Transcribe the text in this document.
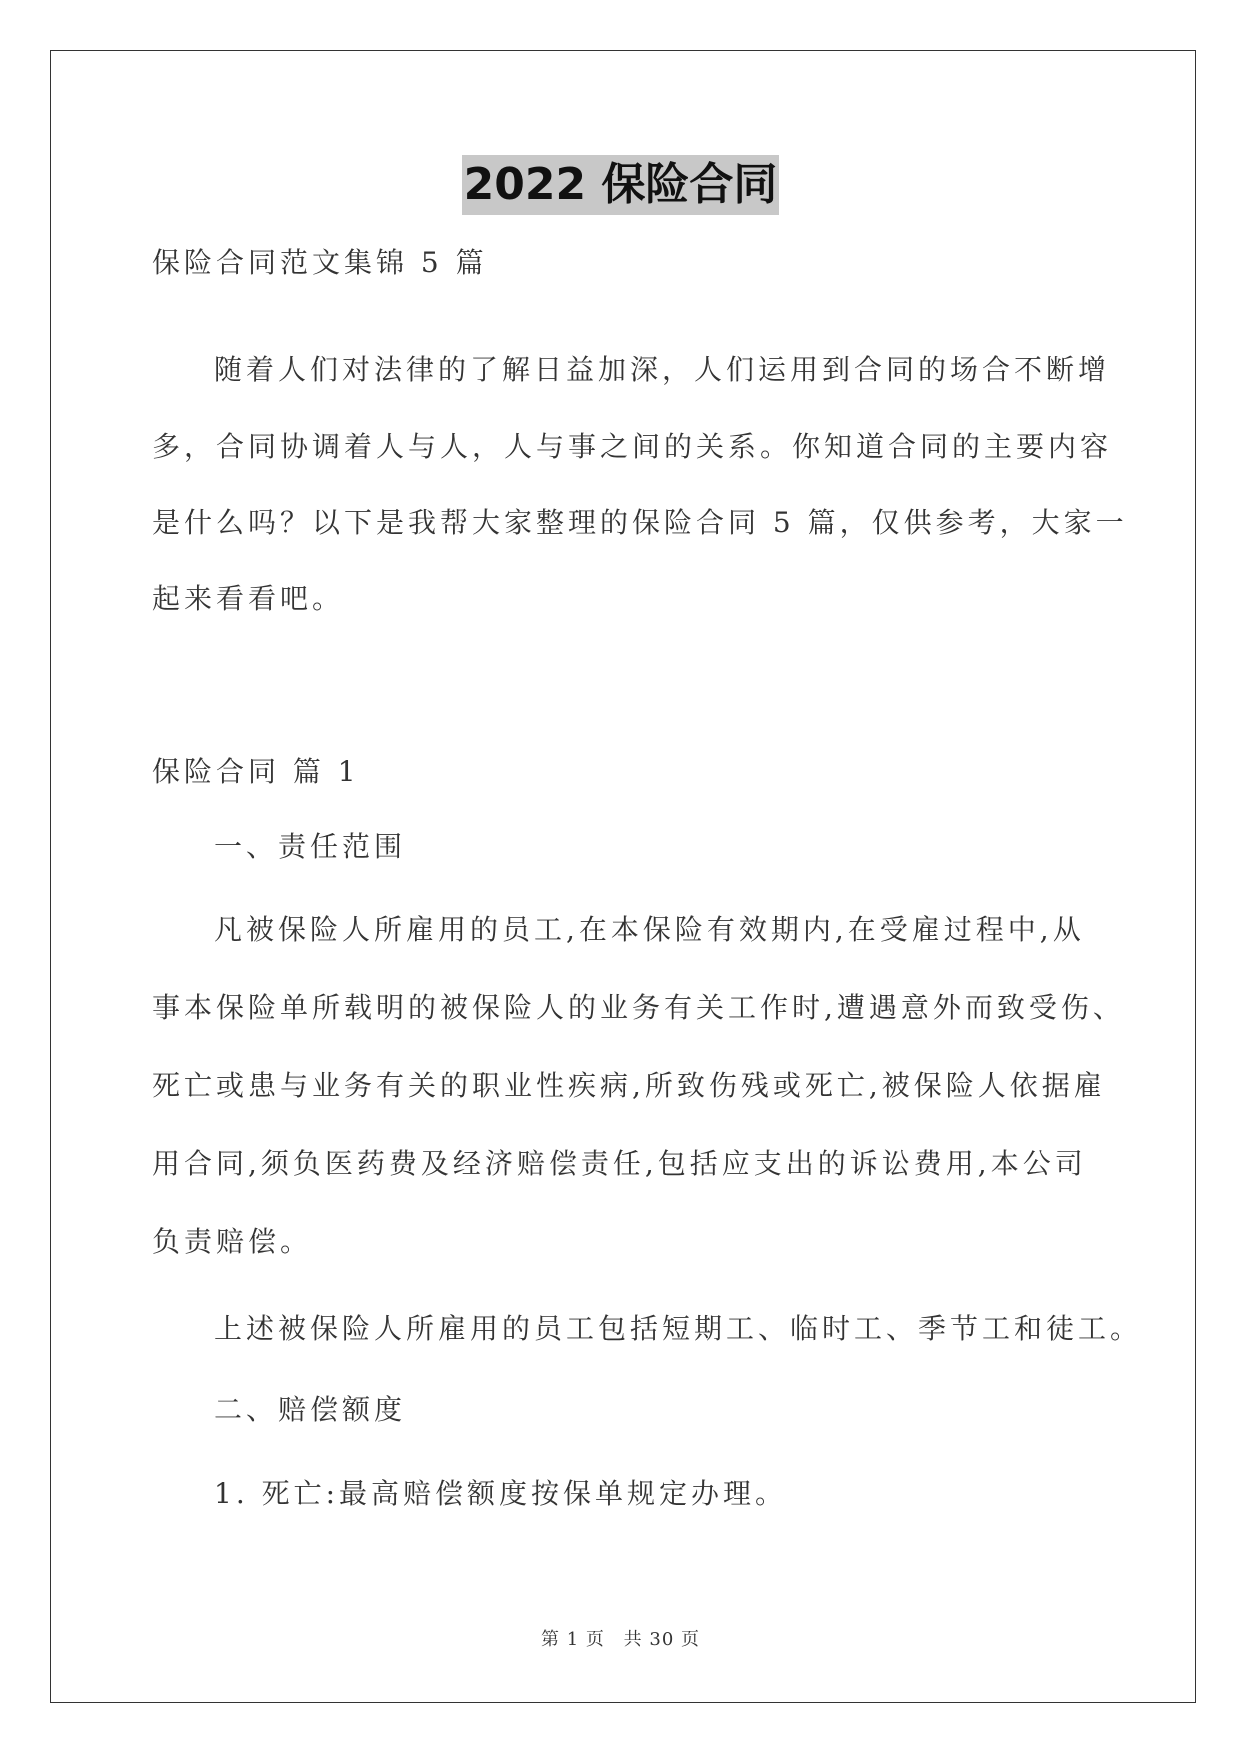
2022 保险合同
保险合同范文集锦 5 篇
随着人们对法律的了解日益加深，人们运用到合同的场合不断增
多，合同协调着人与人，人与事之间的关系。你知道合同的主要内容
是什么吗？以下是我帮大家整理的保险合同 5 篇，仅供参考，大家一
起来看看吧。
保险合同 篇 1
一、责任范围
凡被保险人所雇用的员工,在本保险有效期内,在受雇过程中,从
事本保险单所载明的被保险人的业务有关工作时,遭遇意外而致受伤、
死亡或患与业务有关的职业性疾病,所致伤残或死亡,被保险人依据雇
用合同,须负医药费及经济赔偿责任,包括应支出的诉讼费用,本公司
负责赔偿。
上述被保险人所雇用的员工包括短期工、临时工、季节工和徒工。
二、赔偿额度
1. 死亡:最高赔偿额度按保单规定办理。
第 1 页 共 30 页
